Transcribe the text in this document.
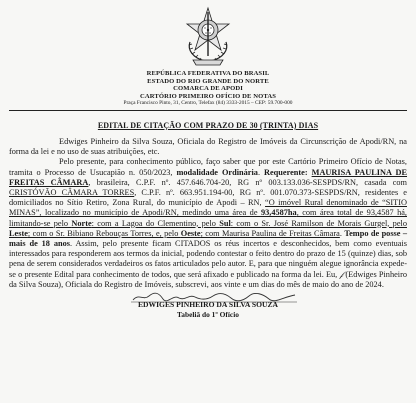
REPÚBLICA FEDERATIVA DO BRASIL
ESTADO DO RIO GRANDE DO NORTE
COMARCA DE APODI
CARTÓRIO PRIMEIRO OFÍCIO DE NOTAS
Praça Francisco Pinto, 31, Centro, Telefax (84) 3333-2015 – CEP: 59.700-000
EDITAL DE CITAÇÃO COM PRAZO DE 30 (TRINTA) DIAS

Edwiges Pinheiro da Silva Souza, Oficiala do Registro de Imóveis da Circunscrição de Apodi/RN, na forma da lei e no uso de suas atribuições, etc.

Pelo presente, para conhecimento público, faço saber que por este Cartório Primeiro Ofício de Notas, tramita o Processo de Usucapião n. 050/2023, modalidade Ordinária. Requerente: MAURISA PAULINA DE FREITAS CÂMARA, brasileira, C.P.F. nº. 457.646.704-20, RG nº 003.133.036-SESPDS/RN, casada com CRISTÓVÃO CÂMARA TORRES, C.P.F. nº. 663.951.194-00, RG nº. 001.070.373-SESPDS/RN, residentes e domiciliados no Sítio Retiro, Zona Rural, do município de Apodi – RN, “O imóvel Rural denominado de “SITIO MINAS”, localizado no município de Apodi/RN, medindo uma área de 93,4587ha, com área total de 93,4587 há, limitando-se pelo Norte: com a Lagoa do Clementino, pelo Sul: com o Sr. José Ramilson de Morais Gurgel, pelo Leste; com o Sr. Bibiano Rebouças Torres, e, pelo Oeste; com Maurisa Paulina de Freitas Câmara. Tempo de posse – mais de 18 anos. Assim, pelo presente ficam CITADOS os réus incertos e desconhecidos, bem como eventuais interessados para responderem aos termos da inicial, podendo contestar o feito dentro do prazo de 15 (quinze) dias, sob pena de serem considerados verdadeiros os fatos articulados pelo autor. E, para que ninguém alegue ignorância expede-se o presente Edital para conhecimento de todos, que será afixado e publicado na forma da lei. Eu, 𝒻 (Edwiges Pinheiro da Silva Souza), Oficiala do Registro de Imóveis, subscrevi, aos vinte e um dias do mês de maio do ano de 2024.

EDWIGES PINHEIRO DA SILVA SOUZA
Tabeliã do 1º Ofício
